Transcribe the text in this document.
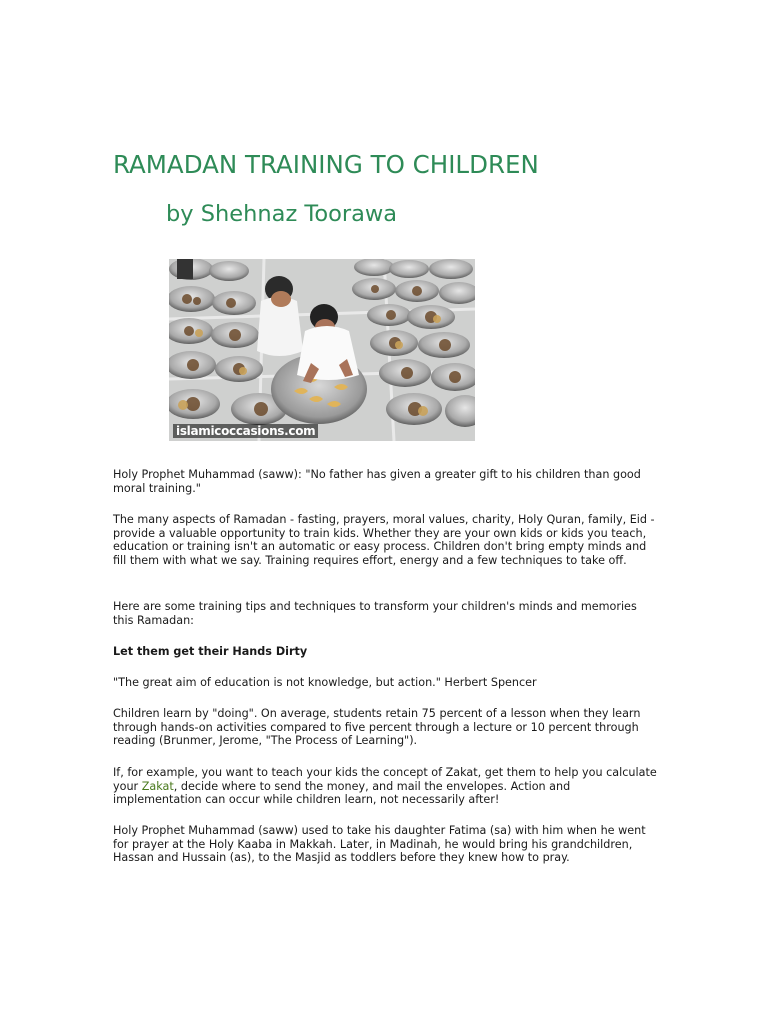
RAMADAN TRAINING TO CHILDREN
by Shehnaz Toorawa
islamicoccasions.com

Holy Prophet Muhammad (saww): "No father has given a greater gift to his children than good moral training."

The many aspects of Ramadan - fasting, prayers, moral values, charity, Holy Quran, family, Eid - provide a valuable opportunity to train kids. Whether they are your own kids or kids you teach, education or training isn't an automatic or easy process. Children don't bring empty minds and fill them with what we say. Training requires effort, energy and a few techniques to take off.

Here are some training tips and techniques to transform your children's minds and memories this Ramadan:

Let them get their Hands Dirty

"The great aim of education is not knowledge, but action." Herbert Spencer

Children learn by "doing". On average, students retain 75 percent of a lesson when they learn through hands-on activities compared to five percent through a lecture or 10 percent through reading (Brunmer, Jerome, "The Process of Learning").

If, for example, you want to teach your kids the concept of Zakat, get them to help you calculate your Zakat, decide where to send the money, and mail the envelopes. Action and implementation can occur while children learn, not necessarily after!

Holy Prophet Muhammad (saww) used to take his daughter Fatima (sa) with him when he went for prayer at the Holy Kaaba in Makkah. Later, in Madinah, he would bring his grandchildren, Hassan and Hussain (as), to the Masjid as toddlers before they knew how to pray.
